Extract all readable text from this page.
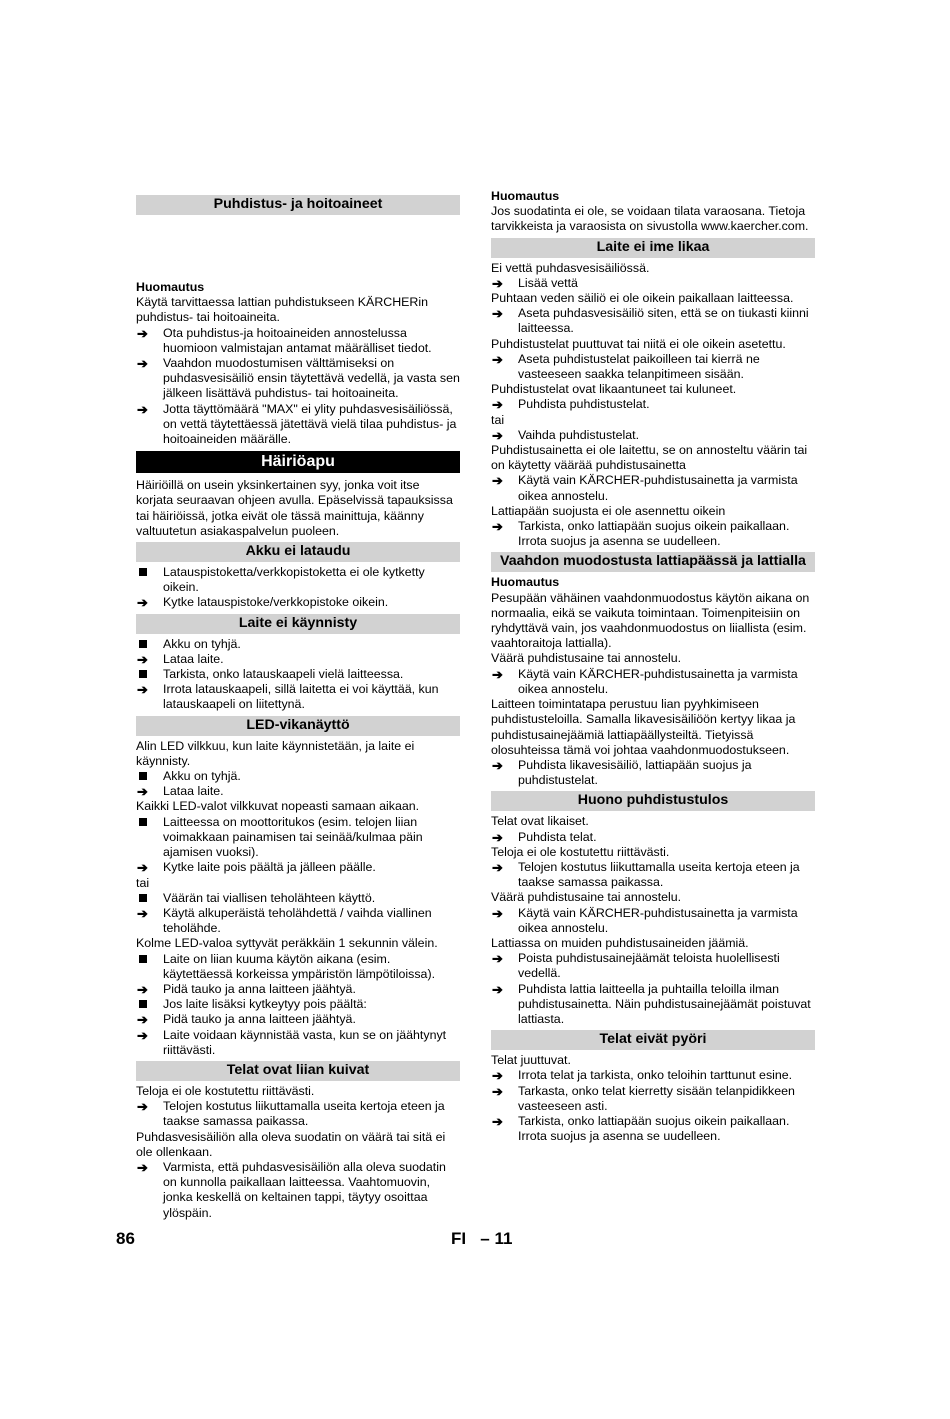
Puhdistus- ja hoitoaineet
Huomautus
Käytä tarvittaessa lattian puhdistukseen KÄRCHERin puhdistus- tai hoitoaineita.
➔	Ota puhdistus-ja hoitoaineiden annostelussa huomioon valmistajan antamat määrälliset tiedot.
➔	Vaahdon muodostumisen välttämiseksi on puhdasvesisäiliö ensin täytettävä vedellä, ja vasta sen jälkeen lisättävä puhdistus- tai hoitoaineita.
➔	Jotta täyttömäärä "MAX" ei ylity puhdasvesisäiliössä, on vettä täytettäessä jätettävä vielä tilaa puhdistus- ja hoitoaineiden määrälle.
Häiriöapu
Häiriöillä on usein yksinkertainen syy, jonka voit itse korjata seuraavan ohjeen avulla. Epäselvissä tapauksissa tai häiriöissä, jotka eivät ole tässä mainittuja, käänny valtuutetun asiakaspalvelun puoleen.
Akku ei lataudu
Latauspistoketta/verkkopistoketta ei ole kytketty oikein.
➔	Kytke latauspistoke/verkkopistoke oikein.
Laite ei käynnisty
Akku on tyhjä.
➔	Lataa laite.
Tarkista, onko latauskaapeli vielä laitteessa.
➔	Irrota latauskaapeli, sillä laitetta ei voi käyttää, kun latauskaapeli on liitettynä.
LED-vikanäyttö
Alin LED vilkkuu, kun laite käynnistetään, ja laite ei käynnisty.
Akku on tyhjä.
➔	Lataa laite.
Kaikki LED-valot vilkkuvat nopeasti samaan aikaan.
Laitteessa on moottoritukos (esim. telojen liian voimakkaan painamisen tai seinää/kulmaa päin ajamisen vuoksi).
➔	Kytke laite pois päältä ja jälleen päälle.
tai
Väärän tai viallisen teholähteen käyttö.
➔	Käytä alkuperäistä teholähdettä / vaihda viallinen teholähde.
Kolme LED-valoa syttyvät peräkkäin 1 sekunnin välein.
Laite on liian kuuma käytön aikana (esim. käytettäessä korkeissa ympäristön lämpötiloissa).
➔	Pidä tauko ja anna laitteen jäähtyä.
Jos laite lisäksi kytkeytyy pois päältä:
➔	Pidä tauko ja anna laitteen jäähtyä.
➔	Laite voidaan käynnistää vasta, kun se on jäähtynyt riittävästi.
Telat ovat liian kuivat
Teloja ei ole kostutettu riittävästi.
➔	Telojen kostutus liikuttamalla useita kertoja eteen ja taakse samassa paikassa.
Puhdasvesisäiliön alla oleva suodatin on väärä tai sitä ei ole ollenkaan.
➔	Varmista, että puhdasvesisäiliön alla oleva suodatin on kunnolla paikallaan laitteessa. Vaahtomuovin, jonka keskellä on keltainen tappi, täytyy osoittaa ylöspäin.
Huomautus
Jos suodatinta ei ole, se voidaan tilata varaosana. Tietoja tarvikkeista ja varaosista on sivustolla www.kaercher.com.
Laite ei ime likaa
Ei vettä puhdasvesisäiliössä.
➔	Lisää vettä
Puhtaan veden säiliö ei ole oikein paikallaan laitteessa.
➔	Aseta puhdasvesisäiliö siten, että se on tiukasti kiinni laitteessa.
Puhdistustelat puuttuvat tai niitä ei ole oikein asetettu.
➔	Aseta puhdistustelat paikoilleen tai kierrä ne vasteeseen saakka telanpitimeen sisään.
Puhdistustelat ovat likaantuneet tai kuluneet.
➔	Puhdista puhdistustelat.
tai
➔	Vaihda puhdistustelat.
Puhdistusainetta ei ole laitettu, se on annosteltu väärin tai on käytetty väärää puhdistusainetta
➔	Käytä vain KÄRCHER-puhdistusainetta ja varmista oikea annostelu.
Lattiapään suojusta ei ole asennettu oikein
➔	Tarkista, onko lattiapään suojus oikein paikallaan. Irrota suojus ja asenna se uudelleen.
Vaahdon muodostusta lattiapäässä ja lattialla
Huomautus
Pesupään vähäinen vaahdonmuodostus käytön aikana on normaalia, eikä se vaikuta toimintaan. Toimenpiteisiin on ryhdyttävä vain, jos vaahdonmuodostus on liiallista (esim. vaahtoraitoja lattialla).
Väärä puhdistusaine tai annostelu.
➔	Käytä vain KÄRCHER-puhdistusainetta ja varmista oikea annostelu.
Laitteen toimintatapa perustuu lian pyyhkimiseen puhdistusteloilla. Samalla likavesisäiliöön kertyy likaa ja puhdistusainejäämiä lattiapäällysteiltä. Tietyissä olosuhteissa tämä voi johtaa vaahdonmuodostukseen.
➔	Puhdista likavesisäiliö, lattiapään suojus ja puhdistustelat.
Huono puhdistustulos
Telat ovat likaiset.
➔	Puhdista telat.
Teloja ei ole kostutettu riittävästi.
➔	Telojen kostutus liikuttamalla useita kertoja eteen ja taakse samassa paikassa.
Väärä puhdistusaine tai annostelu.
➔	Käytä vain KÄRCHER-puhdistusainetta ja varmista oikea annostelu.
Lattiassa on muiden puhdistusaineiden jäämiä.
➔	Poista puhdistusainejäämät teloista huolellisesti vedellä.
➔	Puhdista lattia laitteella ja puhtailla teloilla ilman puhdistusainetta. Näin puhdistusainejäämät poistuvat lattiasta.
Telat eivät pyöri
Telat juuttuvat.
➔	Irrota telat ja tarkista, onko teloihin tarttunut esine.
➔	Tarkasta, onko telat kierretty sisään telanpidikkeen vasteeseen asti.
➔	Tarkista, onko lattiapään suojus oikein paikallaan. Irrota suojus ja asenna se uudelleen.
86	FI   – 11
